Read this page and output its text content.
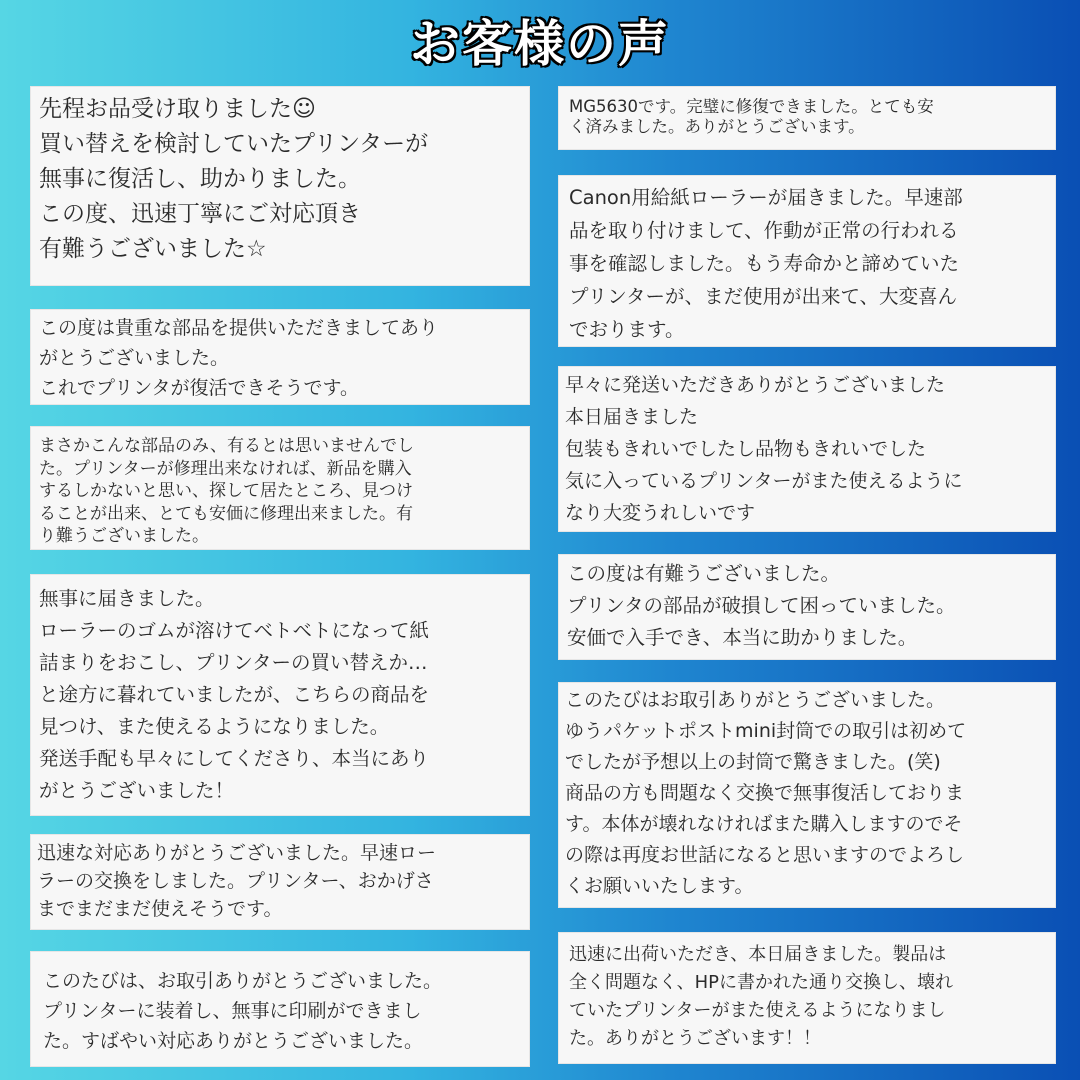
お客様の声
先程お品受け取りました☺
買い替えを検討していたプリンターが
無事に復活し、助かりました。
この度、迅速丁寧にご対応頂き
有難うございました☆
この度は貴重な部品を提供いただきましてあり
がとうございました。
これでプリンタが復活できそうです。
まさかこんな部品のみ、有るとは思いませんでし
た。プリンターが修理出来なければ、新品を購入
するしかないと思い、探して居たところ、見つけ
ることが出来、とても安価に修理出来ました。有
り難うございました。
無事に届きました。
ローラーのゴムが溶けてベトベトになって紙
詰まりをおこし、プリンターの買い替えか…
と途方に暮れていましたが、こちらの商品を
見つけ、また使えるようになりました。
発送手配も早々にしてくださり、本当にあり
がとうございました！
迅速な対応ありがとうございました。早速ロー
ラーの交換をしました。プリンター、おかげさ
までまだまだ使えそうです。
このたびは、お取引ありがとうございました。
プリンターに装着し、無事に印刷ができまし
た。すばやい対応ありがとうございました。
MG5630です。完璧に修復できました。とても安
く済みました。ありがとうございます。
Canon用給紙ローラーが届きました。早速部
品を取り付けまして、作動が正常の行われる
事を確認しました。もう寿命かと諦めていた
プリンターが、まだ使用が出来て、大変喜ん
でおります。
早々に発送いただきありがとうございました
本日届きました
包装もきれいでしたし品物もきれいでした
気に入っているプリンターがまた使えるように
なり大変うれしいです
この度は有難うございました。
プリンタの部品が破損して困っていました。
安価で入手でき、本当に助かりました。
このたびはお取引ありがとうございました。
ゆうパケットポストmini封筒での取引は初めて
でしたが予想以上の封筒で驚きました。(笑)
商品の方も問題なく交換で無事復活しておりま
す。本体が壊れなければまた購入しますのでそ
の際は再度お世話になると思いますのでよろし
くお願いいたします。
迅速に出荷いただき、本日届きました。製品は
全く問題なく、HPに書かれた通り交換し、壊れ
ていたプリンターがまた使えるようになりまし
た。ありがとうございます！！
